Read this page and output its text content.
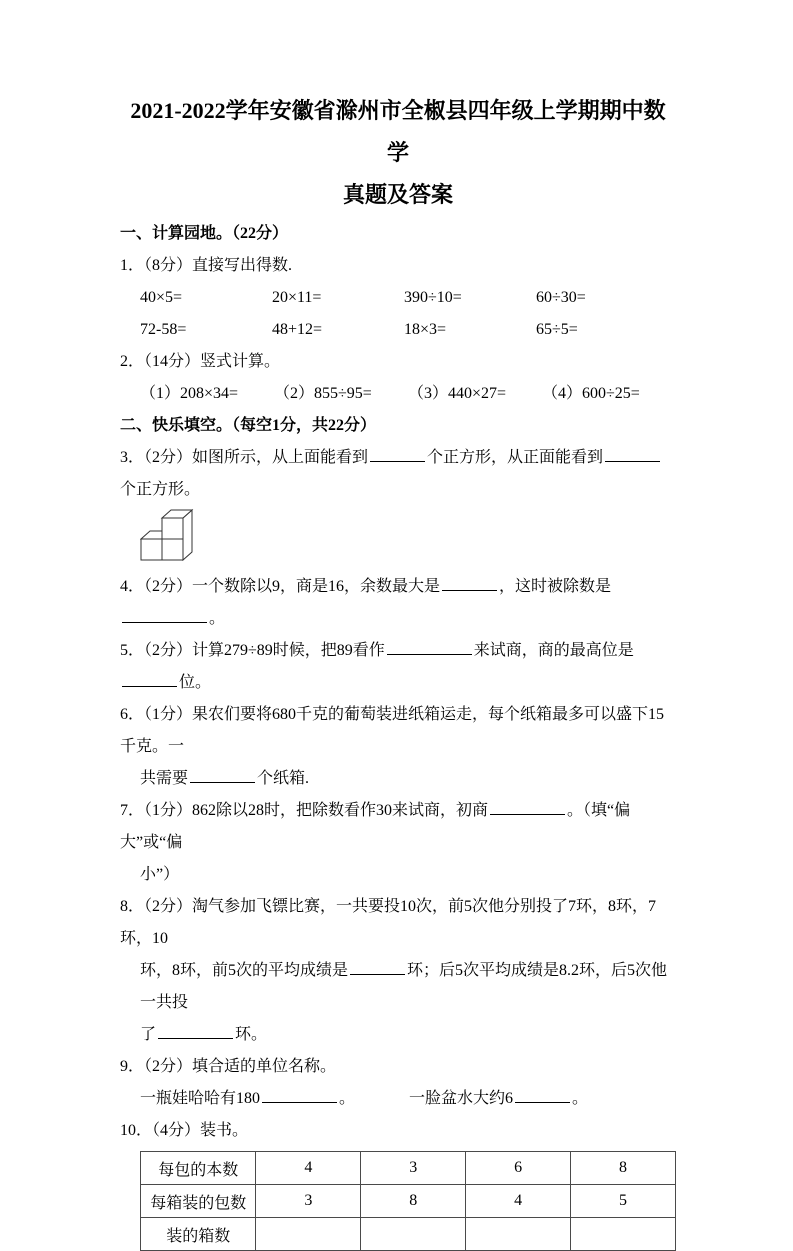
2021-2022学年安徽省滁州市全椒县四年级上学期期中数学
真题及答案

一、计算园地。（22分）

1．（8分）直接写出得数.

40×5=	20×11=	390÷10=	60÷30=
72-58=	48+12=	18×3=	65÷5=

2．（14分）竖式计算。

（1）208×34=	（2）855÷95=	（3）440×27=	（4）600÷25=

二、快乐填空。（每空1分，共22分）

3．（2分）如图所示，从上面能看到	个正方形，从正面能看到个正方形。

4．（2分）一个数除以9，商是16，余数最大是	，这时被除数是。

5．（2分）计算279÷89时候，把89看作	来试商，商的最高位是位。

6．（1分）果农们要将680千克的葡萄装进纸箱运走，每个纸箱最多可以盛下15千克。一

共需要	个纸箱.

7．（1分）862除以28时，把除数看作30来试商，初商	。（填“偏大”或“偏

小”）

8．（2分）淘气参加飞镖比赛，一共要投10次，前5次他分别投了7环，8环，7环，10

环，8环，前5次的平均成绩是	环；后5次平均成绩是8.2环，后5次他一共投

了	环。

9．（2分）填合适的单位名称。

一瓶娃哈哈有180	。	一脸盆水大约6	。

10．（4分）装书。

每包的本数	4	3	6	8
每箱装的包数	3	8	4	5
装的箱数				
